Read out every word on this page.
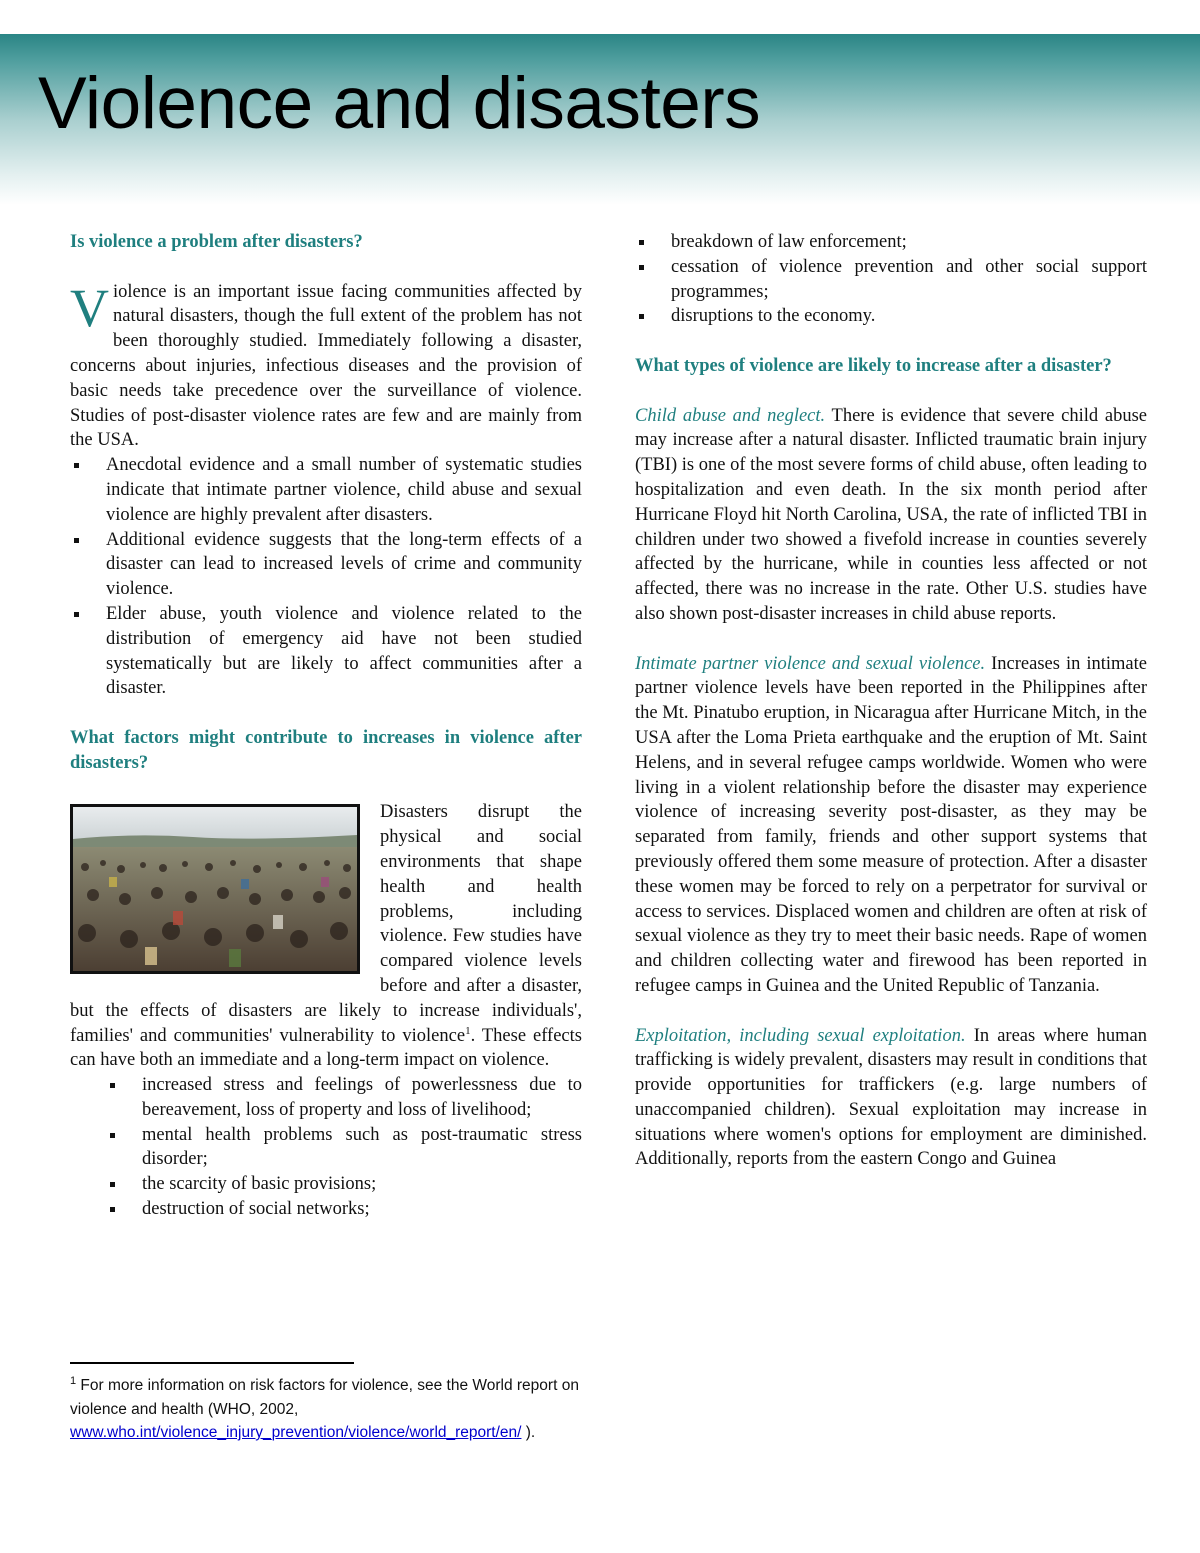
Violence and disasters
Is violence a problem after disasters?

Violence is an important issue facing communities affected by natural disasters, though the full extent of the problem has not been thoroughly studied. Immediately following a disaster, concerns about injuries, infectious diseases and the provision of basic needs take precedence over the surveillance of violence. Studies of post-disaster violence rates are few and are mainly from the USA.

Anecdotal evidence and a small number of systematic studies indicate that intimate partner violence, child abuse and sexual violence are highly prevalent after disasters.
Additional evidence suggests that the long-term effects of a disaster can lead to increased levels of crime and community violence.
Elder abuse, youth violence and violence related to the distribution of emergency aid have not been studied systematically but are likely to affect communities after a disaster.
What factors might contribute to increases in violence after disasters?

Disasters disrupt the physical and social environments that shape health and health problems, including violence. Few studies have compared violence levels before and after a disaster, but the effects of disasters are likely to increase individuals', families' and communities' vulnerability to violence$^1$. These effects can have both an immediate and a long-term impact on violence.

increased stress and feelings of powerlessness due to bereavement, loss of property and loss of livelihood;
mental health problems such as post-traumatic stress disorder;
the scarcity of basic provisions;
destruction of social networks;
$^1$ For more information on risk factors for violence, see the World report on violence and health (WHO, 2002, www.who.int/violence_injury_prevention/violence/world_report/en/ ).
breakdown of law enforcement;
cessation of violence prevention and other social support programmes;
disruptions to the economy.
What types of violence are likely to increase after a disaster?

Child abuse and neglect. There is evidence that severe child abuse may increase after a natural disaster. Inflicted traumatic brain injury (TBI) is one of the most severe forms of child abuse, often leading to hospitalization and even death. In the six month period after Hurricane Floyd hit North Carolina, USA, the rate of inflicted TBI in children under two showed a fivefold increase in counties severely affected by the hurricane, while in counties less affected or not affected, there was no increase in the rate. Other U.S. studies have also shown post-disaster increases in child abuse reports.

Intimate partner violence and sexual violence. Increases in intimate partner violence levels have been reported in the Philippines after the Mt. Pinatubo eruption, in Nicaragua after Hurricane Mitch, in the USA after the Loma Prieta earthquake and the eruption of Mt. Saint Helens, and in several refugee camps worldwide. Women who were living in a violent relationship before the disaster may experience violence of increasing severity post-disaster, as they may be separated from family, friends and other support systems that previously offered them some measure of protection. After a disaster these women may be forced to rely on a perpetrator for survival or access to services. Displaced women and children are often at risk of sexual violence as they try to meet their basic needs. Rape of women and children collecting water and firewood has been reported in refugee camps in Guinea and the United Republic of Tanzania.

Exploitation, including sexual exploitation. In areas where human trafficking is widely prevalent, disasters may result in conditions that provide opportunities for traffickers (e.g. large numbers of unaccompanied children). Sexual exploitation may increase in situations where women's options for employment are diminished. Additionally, reports from the eastern Congo and Guinea
